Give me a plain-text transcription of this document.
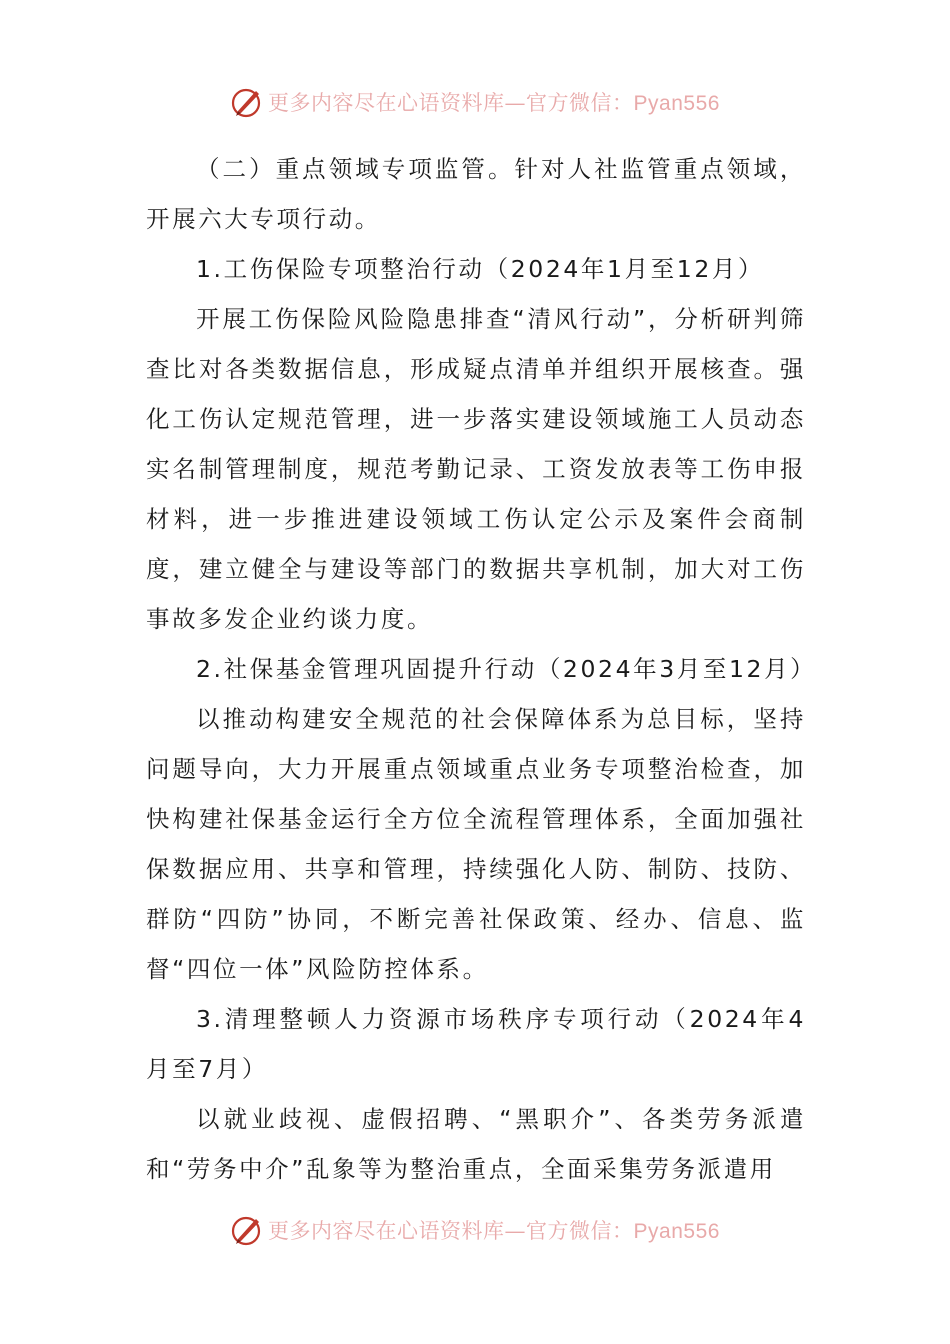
更多内容尽在心语资料库—官方微信：Pyan556

（二）重点领域专项监管。针对人社监管重点领域，开展六大专项行动。

1.工伤保险专项整治行动（2024年1月至12月）

开展工伤保险风险隐患排查“清风行动”，分析研判筛查比对各类数据信息，形成疑点清单并组织开展核查。强化工伤认定规范管理，进一步落实建设领域施工人员动态实名制管理制度，规范考勤记录、工资发放表等工伤申报材料，进一步推进建设领域工伤认定公示及案件会商制度，建立健全与建设等部门的数据共享机制，加大对工伤事故多发企业约谈力度。

2.社保基金管理巩固提升行动（2024年3月至12月）

以推动构建安全规范的社会保障体系为总目标，坚持问题导向，大力开展重点领域重点业务专项整治检查，加快构建社保基金运行全方位全流程管理体系，全面加强社保数据应用、共享和管理，持续强化人防、制防、技防、群防“四防”协同，不断完善社保政策、经办、信息、监督“四位一体”风险防控体系。

3.清理整顿人力资源市场秩序专项行动（2024年4月至7月）

以就业歧视、虚假招聘、“黑职介”、各类劳务派遣和“劳务中介”乱象等为整治重点，全面采集劳务派遣用

更多内容尽在心语资料库—官方微信：Pyan556
